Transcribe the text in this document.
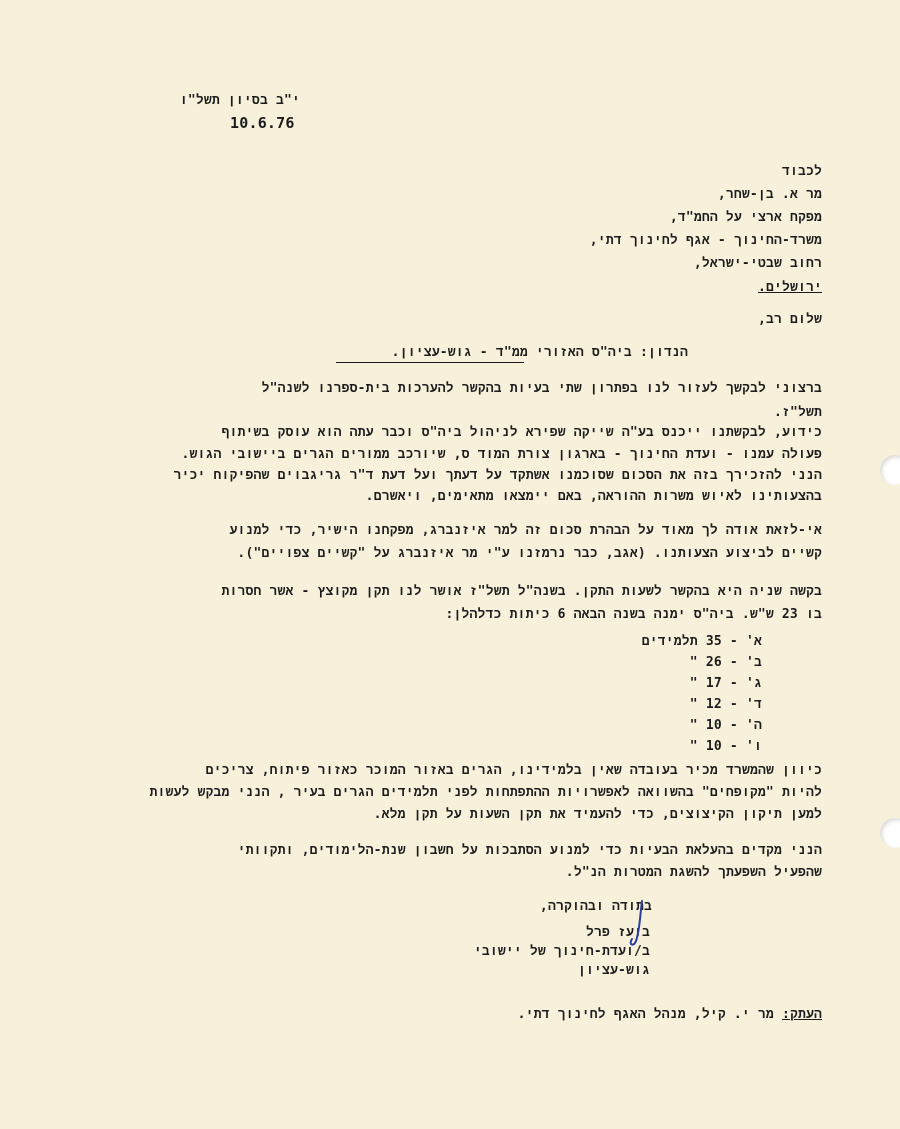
י"ב בסיון תשל"ו
10.6.76
לכבוד
מר א. בן-שחר,
מפקח ארצי על החמ"ד,
משרד-החינוך - אגף לחינוך דתי,
רחוב שבטי-ישראל,
ירושלים.
שלום רב,
הנדון: ביה"ס האזורי ממ"ד - גוש-עציון.
ברצוני לבקשך לעזור לנו בפתרון שתי בעיות בהקשר להערכות בית-ספרנו לשנה"ל
תשל"ז.
כידוע, לבקשתנו ייכנס בע"ה שייקה שפירא לניהול ביה"ס וכבר עתה הוא עוסק בשיתוף
פעולה עמנו - ועדת החינוך - בארגון צורת המוד ס, שיורכב ממורים הגרים ביישובי הגוש.
הנני להזכירך בזה את הסכום שסוכמנו אשתקד על דעתך ועל דעת ד"ר גריגבוים שהפיקוח יכיר
בהצעותינו לאיוש משרות ההוראה, באם יימצאו מתאימים, ויאשרם.
אי-לזאת אודה לך מאוד על הבהרת סכום זה למר איזנברג, מפקחנו הישיר, כדי למנוע
קשיים לביצוע הצעותנו. (אגב, כבר נרמזנו ע"י מר איזנברג על "קשיים צפויים").
בקשה שניה היא בהקשר לשעות התקן. בשנה"ל תשל"ז אושר לנו תקן מקוצץ - אשר חסרות
בו 23 ש"ש. ביה"ס ימנה בשנה הבאה 6 כיתות כדלהלן:
א' - 35 תלמידים
ב' - 26 "
ג' - 17 "
ד' - 12 "
ה' - 10 "
ו' - 10 "
כיוון שהמשרד מכיר בעובדה שאין בלמידינו, הגרים באזור המוכר כאזור פיתוח, צריכים
להיות "מקופחים" בהשוואה לאפשרויות ההתפתחות לפני תלמידים הגרים בעיר , הנני מבקש לעשות
למען תיקון הקיצוצים, כדי להעמיד את תקן השעות על תקן מלא.
הנני מקדים בהעלאת הבעיות כדי למנוע הסתבכות על חשבון שנת-הלימודים, ותקוותי
שהפעיל השפעתך להשגת המטרות הנ"ל.
בתודה ובהוקרה,
בועז פרל
ב/ועדת-חינוך של יישובי
גוש-עציון
העתק: מר י. קיל, מנהל האגף לחינוך דתי.
